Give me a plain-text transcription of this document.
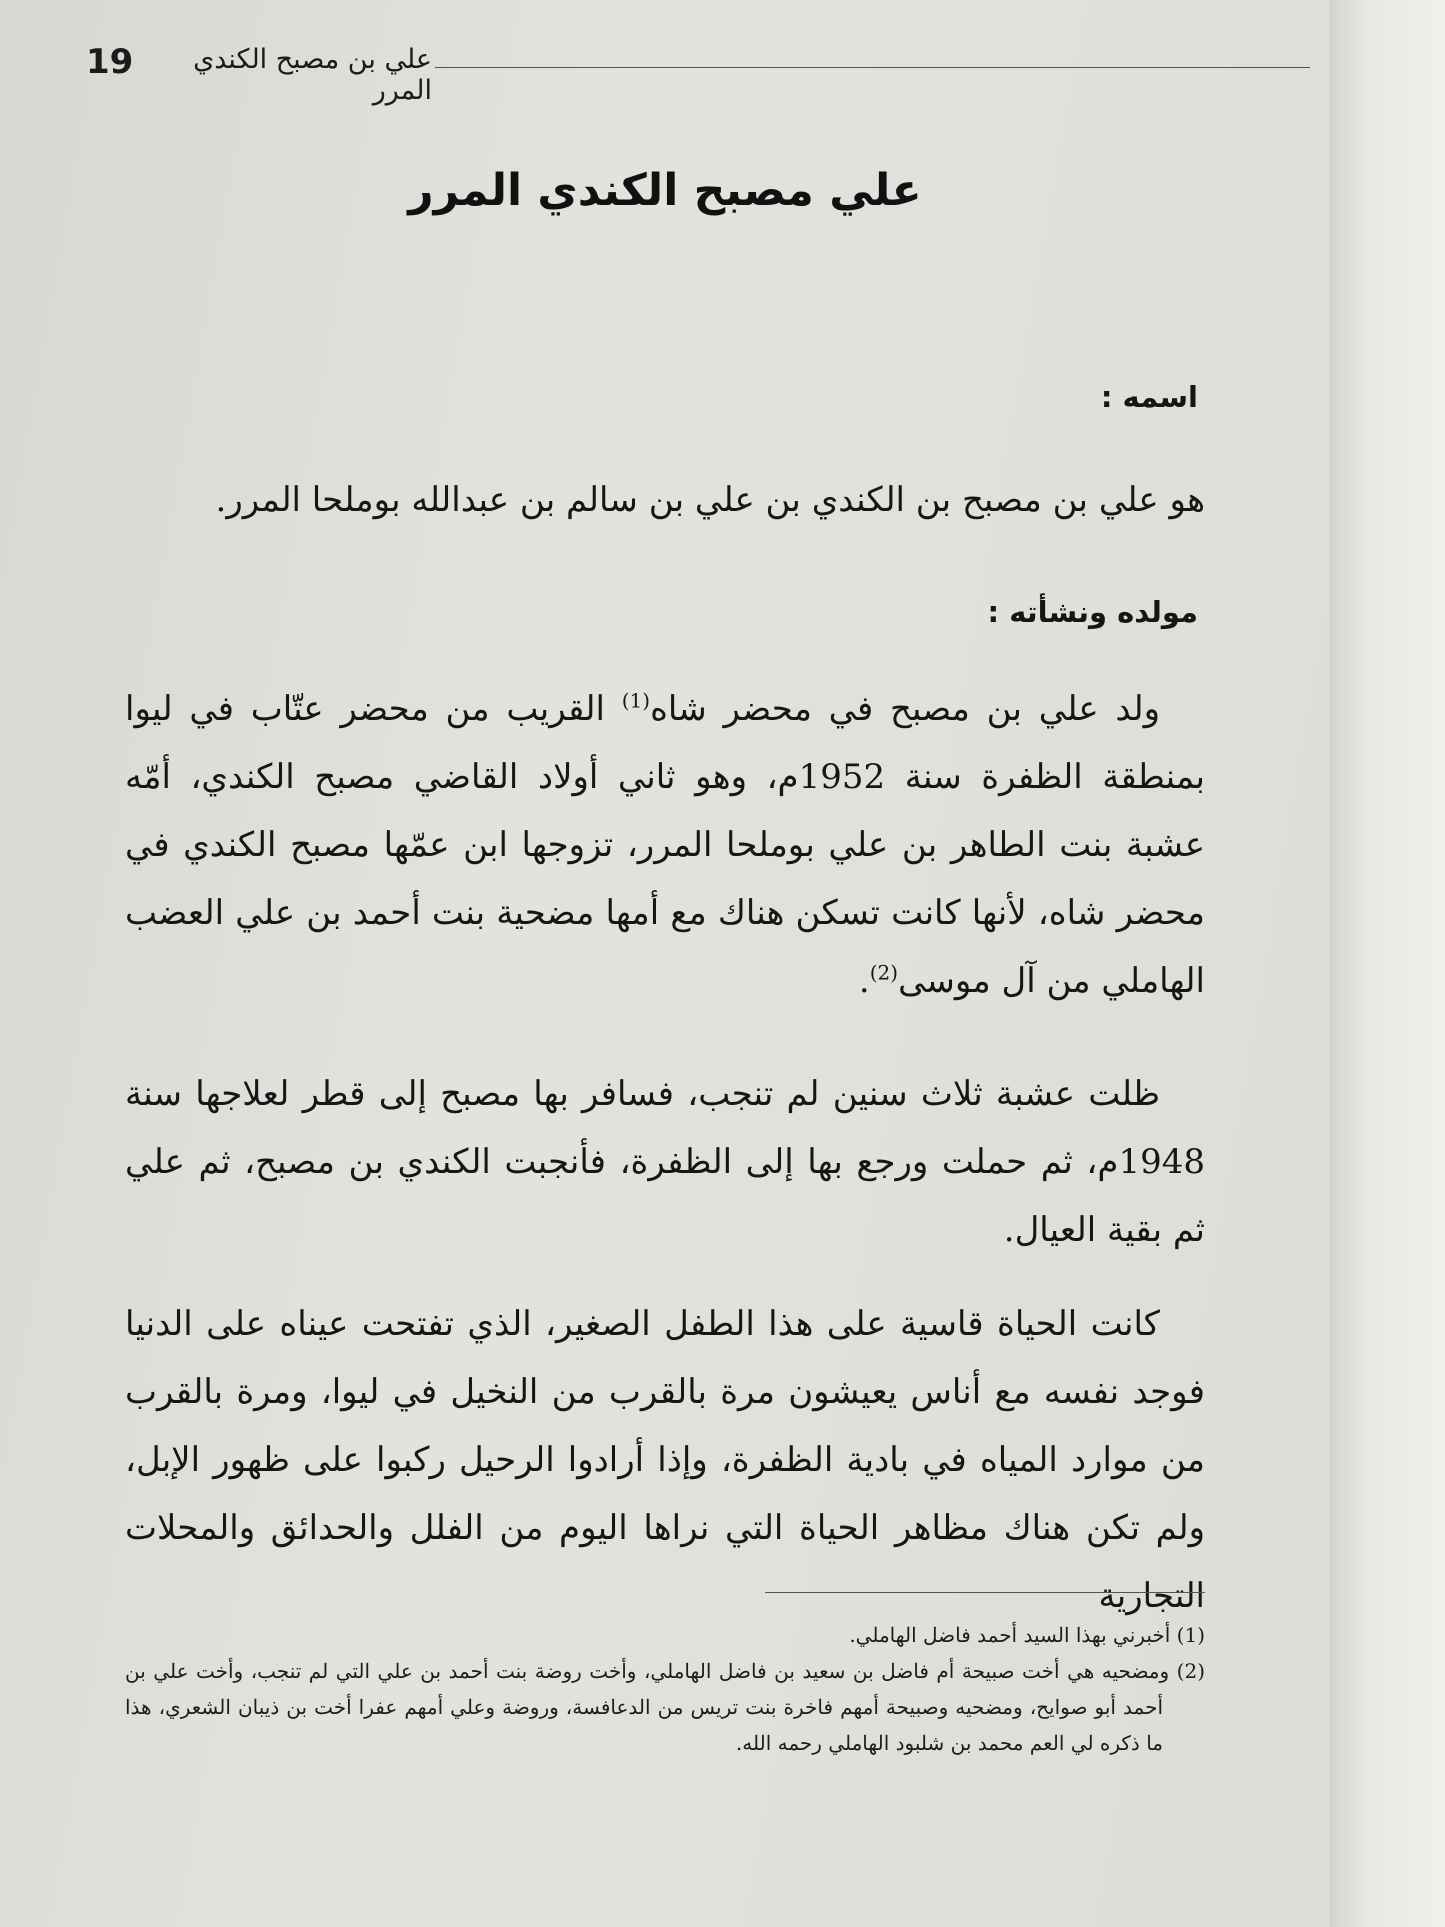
19	علي بن مصبح الكندي المرر
علي مصبح الكندي المرر
اسمه :
هو علي بن مصبح بن الكندي بن علي بن سالم بن عبدالله بوملحا المرر.
مولده ونشأته :
ولد علي بن مصبح في محضر شاه$^{(1)}$ القريب من محضر عتّاب في ليوا بمنطقة الظفرة سنة 1952م، وهو ثاني أولاد القاضي مصبح الكندي، أمّه عشبة بنت الطاهر بن علي بوملحا المرر، تزوجها ابن عمّها مصبح الكندي في محضر شاه، لأنها كانت تسكن هناك مع أمها مضحية بنت أحمد بن علي العضب الهاملي من آل موسى$^{(2)}$.
ظلت عشبة ثلاث سنين لم تنجب، فسافر بها مصبح إلى قطر لعلاجها سنة 1948م، ثم حملت ورجع بها إلى الظفرة، فأنجبت الكندي بن مصبح، ثم علي ثم بقية العيال.
كانت الحياة قاسية على هذا الطفل الصغير، الذي تفتحت عيناه على الدنيا فوجد نفسه مع أناس يعيشون مرة بالقرب من النخيل في ليوا، ومرة بالقرب من موارد المياه في بادية الظفرة، وإذا أرادوا الرحيل ركبوا على ظهور الإبل، ولم تكن هناك مظاهر الحياة التي نراها اليوم من الفلل والحدائق والمحلات التجارية

(1) أخبرني بهذا السيد أحمد فاضل الهاملي.

(2) ومضحيه هي أخت صبيحة أم فاضل بن سعيد بن فاضل الهاملي، وأخت روضة بنت أحمد بن علي التي لم تنجب، وأخت علي بن أحمد أبو صوايح، ومضحيه وصبيحة أمهم فاخرة بنت تريس من الدعافسة، وروضة وعلي أمهم عفرا أخت بن ذيبان الشعري، هذا ما ذكره لي العم محمد بن شلبود الهاملي رحمه الله.
